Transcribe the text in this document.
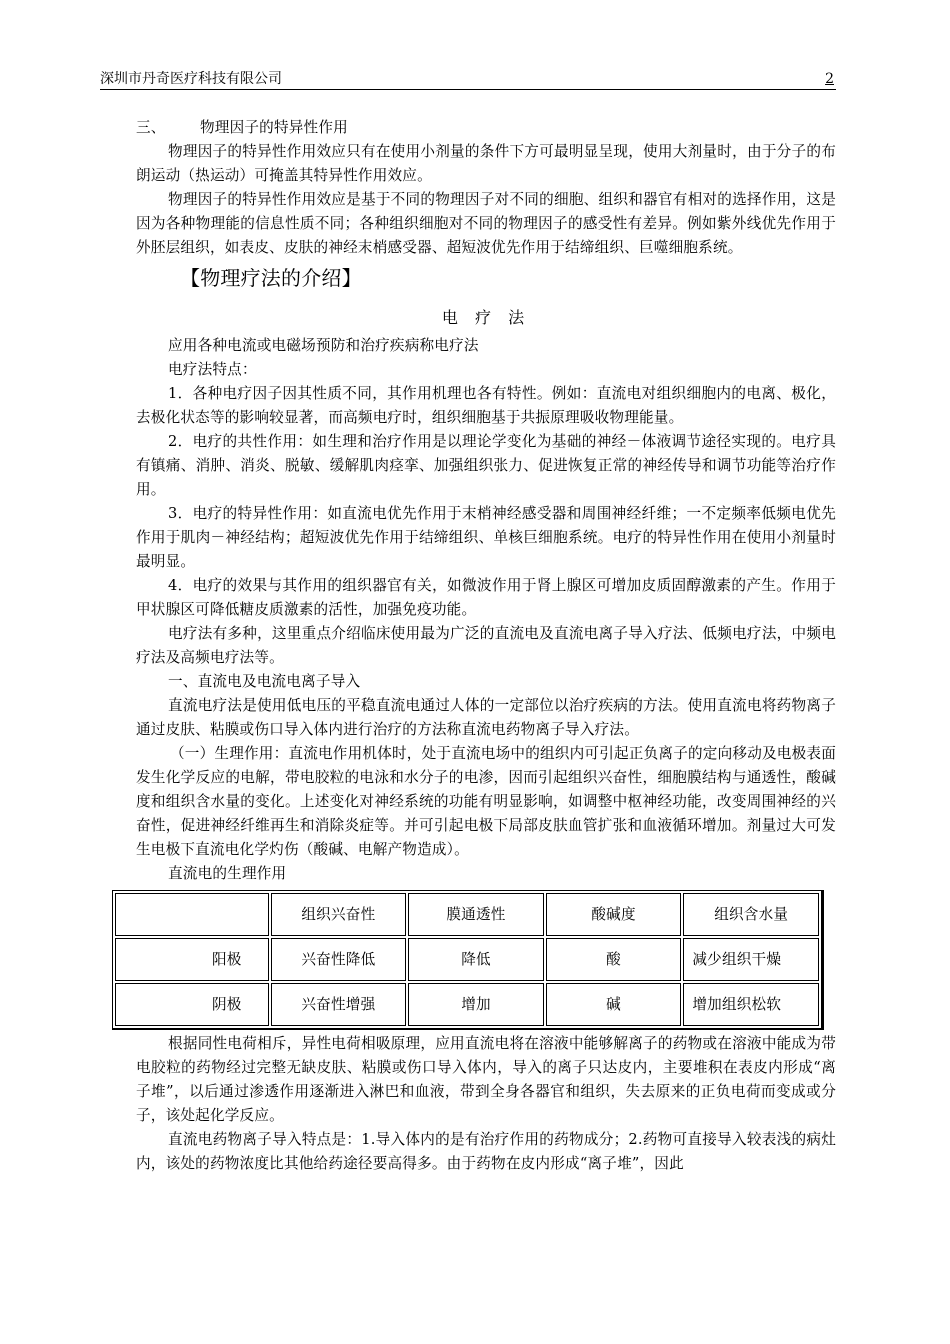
深圳市丹奇医疗科技有限公司	2

三、 物理因子的特异性作用

物理因子的特异性作用效应只有在使用小剂量的条件下方可最明显呈现，使用大剂量时，由于分子的布朗运动（热运动）可掩盖其特异性作用效应。

物理因子的特异性作用效应是基于不同的物理因子对不同的细胞、组织和器官有相对的选择作用，这是因为各种物理能的信息性质不同；各种组织细胞对不同的物理因子的感受性有差异。例如紫外线优先作用于外胚层组织，如表皮、皮肤的神经末梢感受器、超短波优先作用于结缔组织、巨噬细胞系统。

【物理疗法的介绍】

电 疗 法

应用各种电流或电磁场预防和治疗疾病称电疗法

电疗法特点：

1．各种电疗因子因其性质不同，其作用机理也各有特性。例如：直流电对组织细胞内的电离、极化，去极化状态等的影响较显著，而高频电疗时，组织细胞基于共振原理吸收物理能量。

2．电疗的共性作用：如生理和治疗作用是以理论学变化为基础的神经－体液调节途径实现的。电疗具有镇痛、消肿、消炎、脱敏、缓解肌肉痉挛、加强组织张力、促进恢复正常的神经传导和调节功能等治疗作用。

3．电疗的特异性作用：如直流电优先作用于末梢神经感受器和周围神经纤维；一不定频率低频电优先作用于肌肉－神经结构；超短波优先作用于结缔组织、单核巨细胞系统。电疗的特异性作用在使用小剂量时最明显。

4．电疗的效果与其作用的组织器官有关，如微波作用于肾上腺区可增加皮质固醇激素的产生。作用于甲状腺区可降低糖皮质激素的活性，加强免疫功能。

电疗法有多种，这里重点介绍临床使用最为广泛的直流电及直流电离子导入疗法、低频电疗法，中频电疗法及高频电疗法等。

一、直流电及电流电离子导入

直流电疗法是使用低电压的平稳直流电通过人体的一定部位以治疗疾病的方法。使用直流电将药物离子通过皮肤、粘膜或伤口导入体内进行治疗的方法称直流电药物离子导入疗法。

（一）生理作用：直流电作用机体时，处于直流电场中的组织内可引起正负离子的定向移动及电极表面发生化学反应的电解，带电胶粒的电泳和水分子的电渗，因而引起组织兴奋性，细胞膜结构与通透性，酸碱度和组织含水量的变化。上述变化对神经系统的功能有明显影响，如调整中枢神经功能，改变周围神经的兴奋性，促进神经纤维再生和消除炎症等。并可引起电极下局部皮肤血管扩张和血液循环增加。剂量过大可发生电极下直流电化学灼伤（酸碱、电解产物造成）。

直流电的生理作用

	组织兴奋性	膜通透性	酸碱度	组织含水量
阳极	兴奋性降低	降低	酸	减少组织干燥
阴极	兴奋性增强	增加	碱	增加组织松软

根据同性电荷相斥，异性电荷相吸原理，应用直流电将在溶液中能够解离子的药物或在溶液中能成为带电胶粒的药物经过完整无缺皮肤、粘膜或伤口导入体内，导入的离子只达皮内，主要堆积在表皮内形成“离子堆”，以后通过渗透作用逐渐进入淋巴和血液，带到全身各器官和组织，失去原来的正负电荷而变成或分子，该处起化学反应。

直流电药物离子导入特点是：1.导入体内的是有治疗作用的药物成分；2.药物可直接导入较表浅的病灶内，该处的药物浓度比其他给药途径要高得多。由于药物在皮内形成“离子堆”，因此
